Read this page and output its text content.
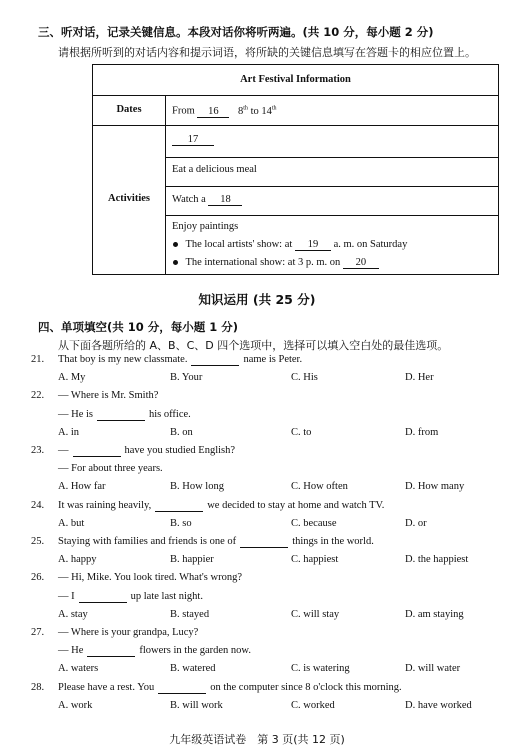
三、听对话，记录关键信息。本段对话你将听两遍。(共 10 分，每小题 2 分)
请根据所听到的对话内容和提示词语，将所缺的关键信息填写在答题卡的相应位置上。
Art Festival Information
Dates	From 16 8th to 14th
Activities
17
Eat a delicious meal
Watch a 18
Enjoy paintings
The local artists' show: at 19 a. m. on Saturday
The international show: at 3 p. m. on 20
知识运用 (共 25 分)
四、单项填空(共 10 分，每小题 1 分)
从下面各题所给的 A、B、C、D 四个选项中，选择可以填入空白处的最佳选项。
21. That boy is my new classmate.	name is Peter.
A. My	B. Your	C. His	D. Her
22. — Where is Mr. Smith?
— He is	his office.
A. in	B. on	C. to	D. from
23. —	have you studied English?
— For about three years.
A. How far	B. How long	C. How often	D. How many
24. It was raining heavily,	we decided to stay at home and watch TV.
A. but	B. so	C. because	D. or
25. Staying with families and friends is one of	things in the world.
A. happy	B. happier	C. happiest	D. the happiest
26. — Hi, Mike. You look tired. What's wrong?
— I	up late last night.
A. stay	B. stayed	C. will stay	D. am staying
27. — Where is your grandpa, Lucy?
— He	flowers in the garden now.
A. waters	B. watered	C. is watering	D. will water
28. Please have a rest. You	on the computer since 8 o'clock this morning.
A. work	B. will work	C. worked	D. have worked
九年级英语试卷　第 3 页(共 12 页)
